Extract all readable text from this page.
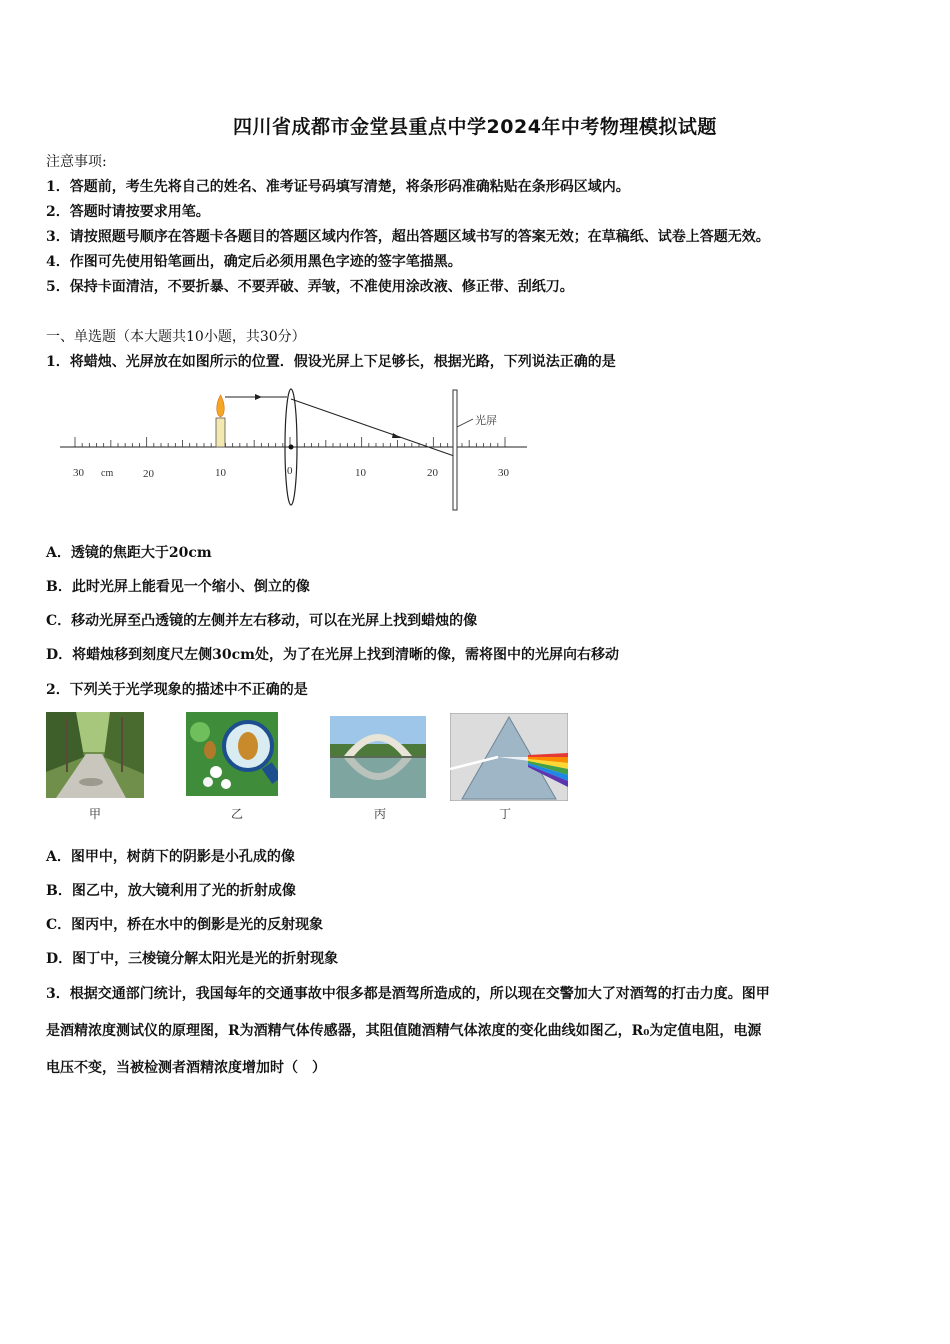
四川省成都市金堂县重点中学2024年中考物理模拟试题
注意事项:
1．答题前，考生先将自己的姓名、准考证号码填写清楚，将条形码准确粘贴在条形码区域内。
2．答题时请按要求用笔。
3．请按照题号顺序在答题卡各题目的答题区域内作答，超出答题区域书写的答案无效；在草稿纸、试卷上答题无效。
4．作图可先使用铅笔画出，确定后必须用黑色字迹的签字笔描黑。
5．保持卡面清洁，不要折暴、不要弄破、弄皱，不准使用涂改液、修正带、刮纸刀。
一、单选题（本大题共10小题，共30分）
1．将蜡烛、光屏放在如图所示的位置．假设光屏上下足够长，根据光路，下列说法正确的是
光屏
30 cm	20	10	0	10	20	30
A．透镜的焦距大于20cm
B．此时光屏上能看见一个缩小、倒立的像
C．移动光屏至凸透镜的左侧并左右移动，可以在光屏上找到蜡烛的像
D．将蜡烛移到刻度尺左侧30cm处，为了在光屏上找到清晰的像，需将图中的光屏向右移动
2．下列关于光学现象的描述中不正确的是
甲	乙	丙	丁
A．图甲中，树荫下的阴影是小孔成的像
B．图乙中，放大镜利用了光的折射成像
C．图丙中，桥在水中的倒影是光的反射现象
D．图丁中，三棱镜分解太阳光是光的折射现象
3．根据交通部门统计，我国每年的交通事故中很多都是酒驾所造成的，所以现在交警加大了对酒驾的打击力度。图甲
是酒精浓度测试仪的原理图，R为酒精气体传感器，其阻值随酒精气体浓度的变化曲线如图乙，R₀为定值电阻，电源
电压不变，当被检测者酒精浓度增加时（　）
